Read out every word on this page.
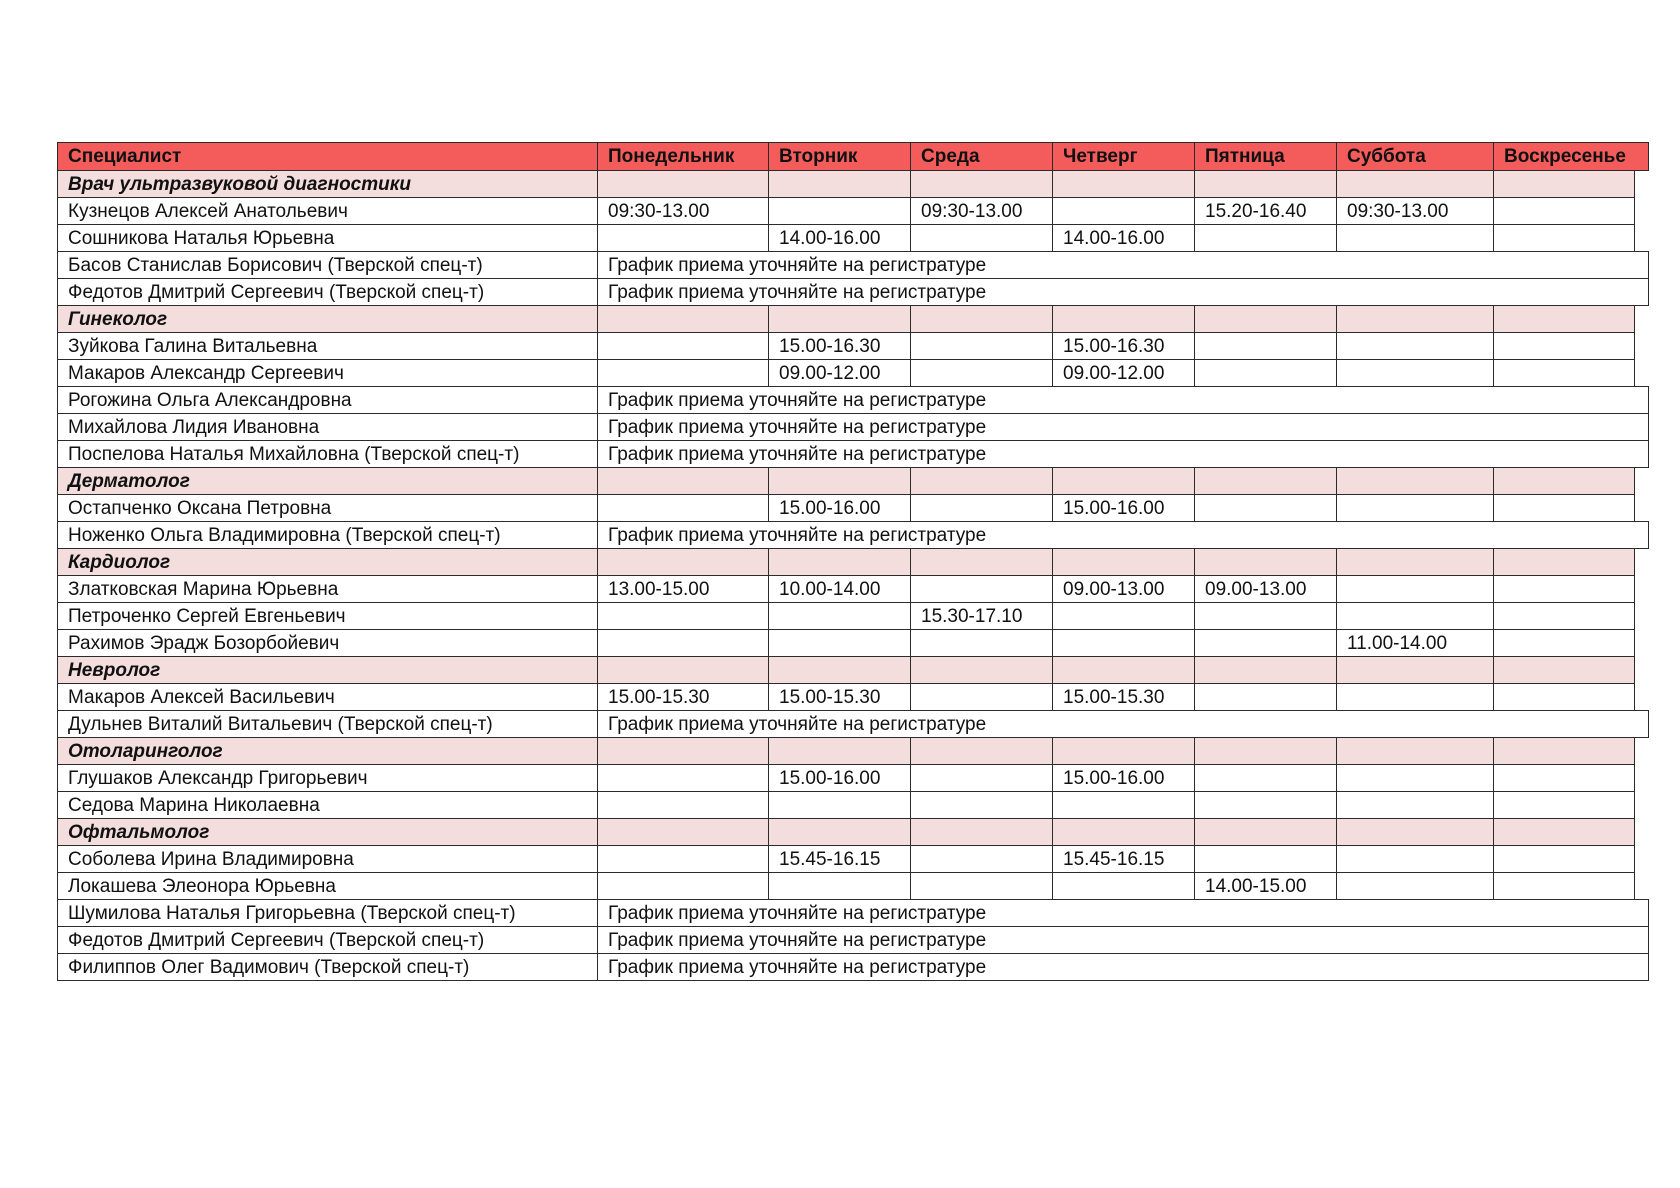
Специалист	Понедельник	Вторник	Среда	Четверг	Пятница	Суббота	Воскресенье	
Врач ультразвуковой диагностики								
Кузнецов Алексей Анатольевич	09:30-13.00		09:30-13.00		15.20-16.40	09:30-13.00		
Сошникова Наталья Юрьевна		14.00-16.00		14.00-16.00				
Басов Станислав Борисович (Тверской спец-т)	График приема уточняйте на регистратуре							
Федотов Дмитрий Сергеевич (Тверской спец-т)	График приема уточняйте на регистратуре							
Гинеколог								
Зуйкова Галина Витальевна		15.00-16.30		15.00-16.30				
Макаров Александр Сергеевич		09.00-12.00		09.00-12.00				
Рогожина Ольга Александровна	График приема уточняйте на регистратуре							
Михайлова Лидия Ивановна	График приема уточняйте на регистратуре							
Поспелова Наталья Михайловна (Тверской спец-т)	График приема уточняйте на регистратуре							
Дерматолог								
Остапченко Оксана Петровна		15.00-16.00		15.00-16.00				
Ноженко Ольга Владимировна (Тверской спец-т)	График приема уточняйте на регистратуре							
Кардиолог								
Златковская Марина Юрьевна	13.00-15.00	10.00-14.00		09.00-13.00	09.00-13.00			
Петроченко Сергей Евгеньевич			15.30-17.10					
Рахимов Эрадж Бозорбойевич						11.00-14.00		
Невролог								
Макаров Алексей Васильевич	15.00-15.30	15.00-15.30		15.00-15.30				
Дульнев Виталий Витальевич (Тверской спец-т)	График приема уточняйте на регистратуре							
Отоларинголог								
Глушаков Александр Григорьевич		15.00-16.00		15.00-16.00				
Седова Марина Николаевна								
Офтальмолог								
Соболева Ирина Владимировна		15.45-16.15		15.45-16.15				
Локашева Элеонора Юрьевна					14.00-15.00			
Шумилова Наталья Григорьевна (Тверской спец-т)	График приема уточняйте на регистратуре							
Федотов Дмитрий Сергеевич (Тверской спец-т)	График приема уточняйте на регистратуре							
Филиппов Олег Вадимович (Тверской спец-т)	График приема уточняйте на регистратуре							
